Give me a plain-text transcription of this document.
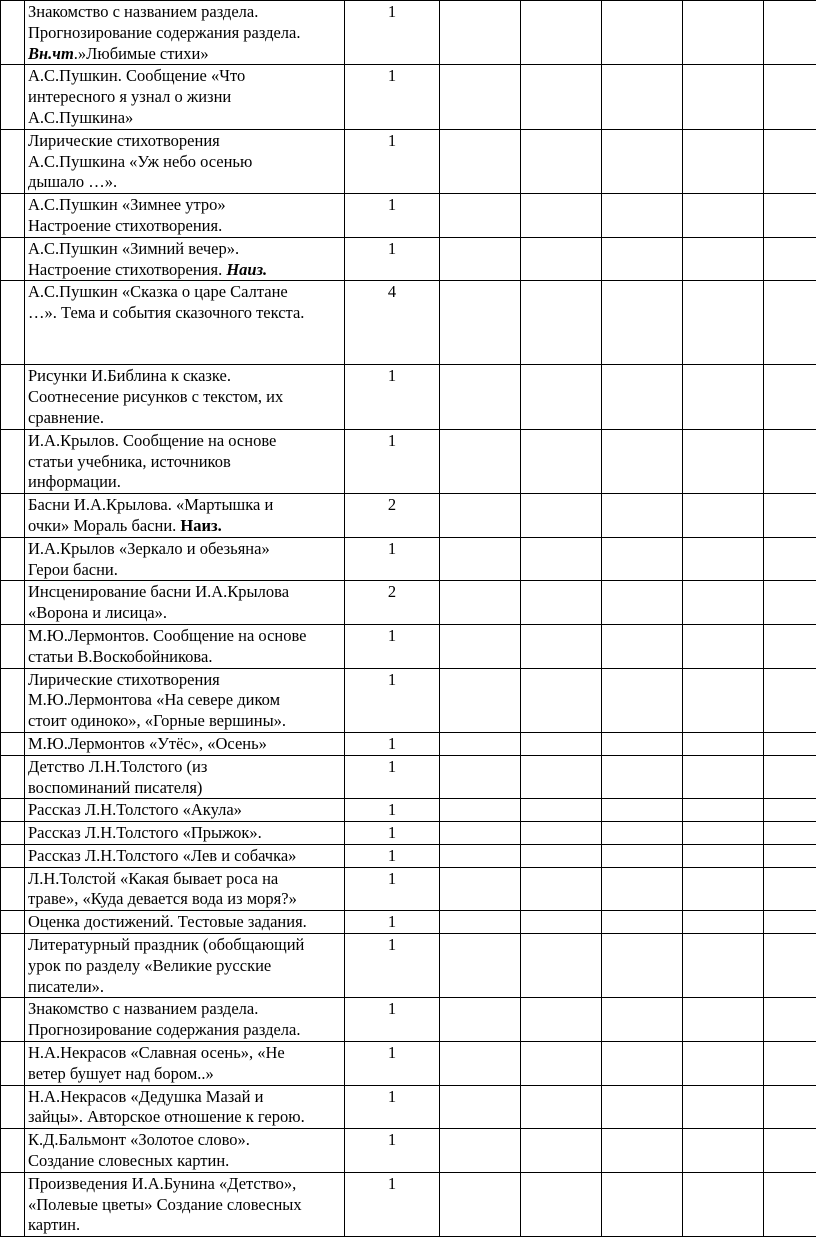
	Знакомство с названием раздела.
Прогнозирование содержания раздела.
Вн.чт.»Любимые стихи»	1					
	А.С.Пушкин. Сообщение «Что
интересного я узнал о жизни
А.С.Пушкина»	1					
	Лирические стихотворения
А.С.Пушкина «Уж небо осенью
дышало …».	1					
	А.С.Пушкин «Зимнее утро»
Настроение стихотворения.	1					
	А.С.Пушкин «Зимний вечер».
Настроение стихотворения. Наиз.	1					
	А.С.Пушкин «Сказка о царе Салтане
…». Тема и события сказочного текста.	4					
	Рисунки И.Библина к сказке.
Соотнесение рисунков с текстом, их
сравнение.	1					
	И.А.Крылов. Сообщение на основе
статьи учебника, источников
информации.	1					
	Басни И.А.Крылова. «Мартышка и
очки» Мораль басни. Наиз.	2					
	И.А.Крылов «Зеркало и обезьяна»
Герои басни.	1					
	Инсценирование басни И.А.Крылова
«Ворона и лисица».	2					
	М.Ю.Лермонтов. Сообщение на основе
статьи В.Воскобойникова.	1					
	Лирические стихотворения
М.Ю.Лермонтова «На севере диком
стоит одиноко», «Горные вершины».	1					
	М.Ю.Лермонтов «Утёс», «Осень»	1					
	Детство Л.Н.Толстого (из
воспоминаний писателя)	1					
	Рассказ Л.Н.Толстого «Акула»	1					
	Рассказ Л.Н.Толстого «Прыжок».	1					
	Рассказ Л.Н.Толстого «Лев и собачка»	1					
	Л.Н.Толстой «Какая бывает роса на
траве», «Куда девается вода из моря?»	1					
	Оценка достижений. Тестовые задания.	1					
	Литературный праздник (обобщающий
урок по разделу «Великие русские
писатели».	1					
	Знакомство с названием раздела.
Прогнозирование содержания раздела.	1					
	Н.А.Некрасов «Славная осень», «Не
ветер бушует над бором..»	1					
	Н.А.Некрасов «Дедушка Мазай и
зайцы». Авторское отношение к герою.	1					
	К.Д.Бальмонт «Золотое слово».
Создание словесных картин.	1					
	Произведения И.А.Бунина «Детство»,
«Полевые цветы» Создание словесных
картин.	1					
